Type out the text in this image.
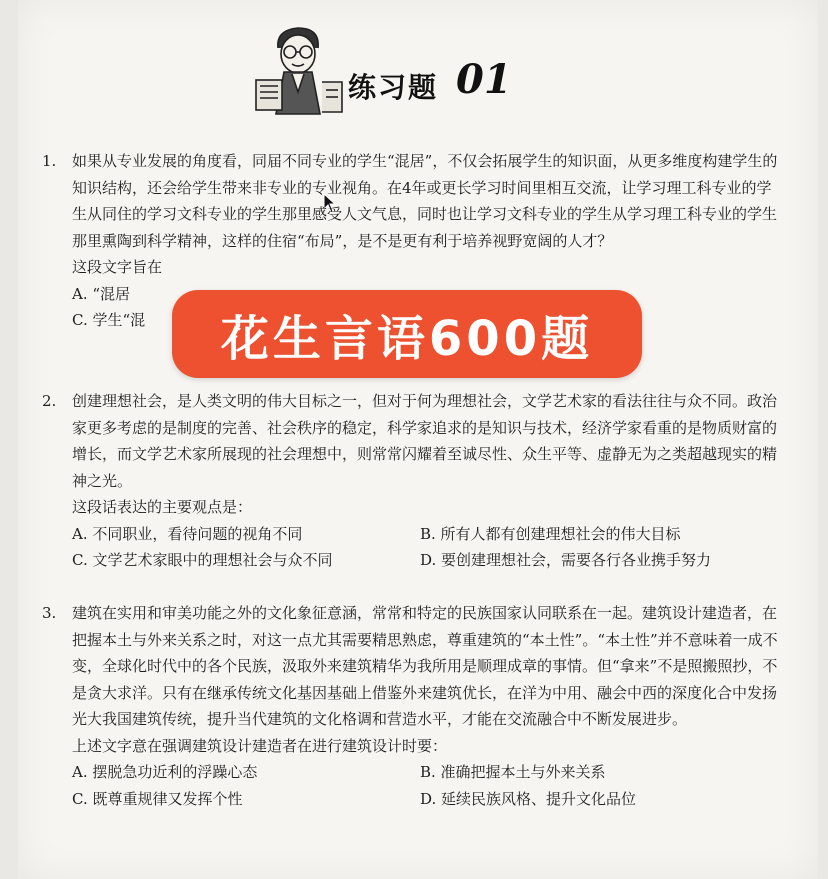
练习题 01
1.	如果从专业发展的角度看，同届不同专业的学生“混居”，不仅会拓展学生的知识面，从更多维度构建学生的知识结构，还会给学生带来非专业的专业视角。在4年或更长学习时间里相互交流，让学习理工科专业的学生从同住的学习文科专业的学生那里感受人文气息，同时也让学习文科专业的学生从学习理工科专业的学生那里熏陶到科学精神，这样的住宿“布局”，是不是更有利于培养视野宽阔的人才？
这段文字旨在
A. “混居
C. 学生“混
2.	创建理想社会，是人类文明的伟大目标之一，但对于何为理想社会，文学艺术家的看法往往与众不同。政治家更多考虑的是制度的完善、社会秩序的稳定，科学家追求的是知识与技术，经济学家看重的是物质财富的增长，而文学艺术家所展现的社会理想中，则常常闪耀着至诚尽性、众生平等、虚静无为之类超越现实的精神之光。
这段话表达的主要观点是：
A. 不同职业，看待问题的视角不同	B. 所有人都有创建理想社会的伟大目标
C. 文学艺术家眼中的理想社会与众不同	D. 要创建理想社会，需要各行各业携手努力
3.	建筑在实用和审美功能之外的文化象征意涵，常常和特定的民族国家认同联系在一起。建筑设计建造者，在把握本土与外来关系之时，对这一点尤其需要精思熟虑，尊重建筑的“本土性”。“本土性”并不意味着一成不变，全球化时代中的各个民族，汲取外来建筑精华为我所用是顺理成章的事情。但“拿来”不是照搬照抄，不是贪大求洋。只有在继承传统文化基因基础上借鉴外来建筑优长，在洋为中用、融会中西的深度化合中发扬光大我国建筑传统，提升当代建筑的文化格调和营造水平，才能在交流融合中不断发展进步。
上述文字意在强调建筑设计建造者在进行建筑设计时要：
A. 摆脱急功近利的浮躁心态	B. 准确把握本土与外来关系
C. 既尊重规律又发挥个性	D. 延续民族风格、提升文化品位
花生言语600题
